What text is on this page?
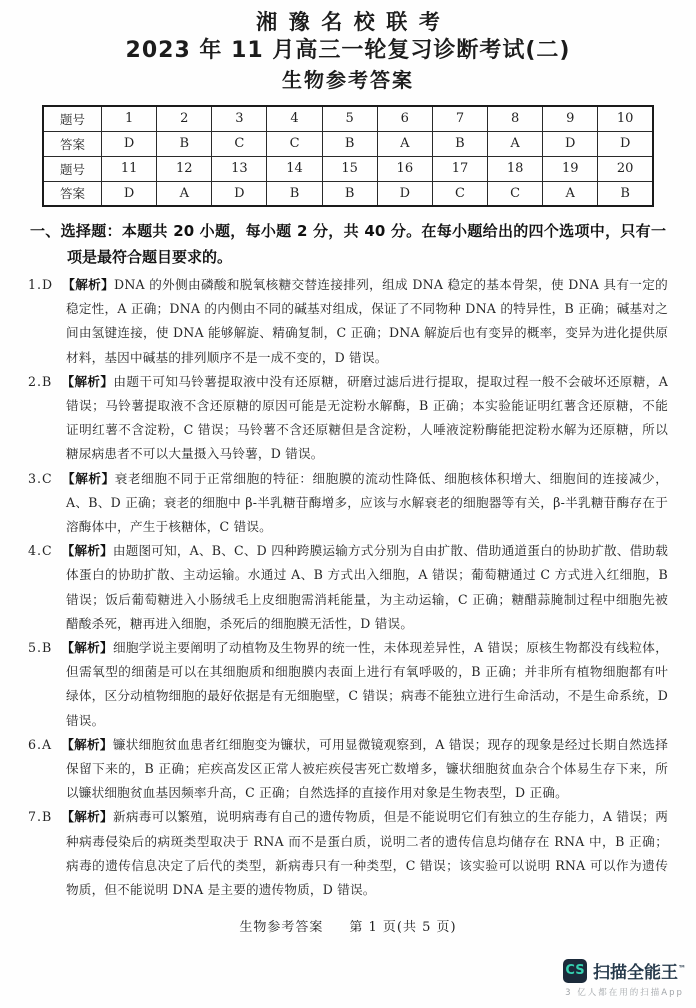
湘豫名校联考
2023 年 11 月高三一轮复习诊断考试(二)
生物参考答案
题号	1	2	3	4	5	6	7	8	9	10
答案	D	B	C	C	B	A	B	A	D	D
题号	11	12	13	14	15	16	17	18	19	20
答案	D	A	D	B	B	D	C	C	A	B

一、选择题：本题共 20 小题，每小题 2 分，共 40 分。在每小题给出的四个选项中，只有一项是最符合题目要求的。

1.D 【解析】DNA 的外侧由磷酸和脱氧核糖交替连接排列，组成 DNA 稳定的基本骨架，使 DNA 具有一定的稳定性，A 正确；DNA 的内侧由不同的碱基对组成，保证了不同物种 DNA 的特异性，B 正确；碱基对之间由氢键连接，使 DNA 能够解旋、精确复制，C 正确；DNA 解旋后也有变异的概率，变异为进化提供原材料，基因中碱基的排列顺序不是一成不变的，D 错误。

2.B 【解析】由题干可知马铃薯提取液中没有还原糖，研磨过滤后进行提取，提取过程一般不会破坏还原糖，A 错误；马铃薯提取液不含还原糖的原因可能是无淀粉水解酶，B 正确；本实验能证明红薯含还原糖，不能证明红薯不含淀粉，C 错误；马铃薯不含还原糖但是含淀粉，人唾液淀粉酶能把淀粉水解为还原糖，所以糖尿病患者不可以大量摄入马铃薯，D 错误。

3.C 【解析】衰老细胞不同于正常细胞的特征：细胞膜的流动性降低、细胞核体积增大、细胞间的连接减少，A、B、D 正确；衰老的细胞中 β-半乳糖苷酶增多，应该与水解衰老的细胞器等有关，β-半乳糖苷酶存在于溶酶体中，产生于核糖体，C 错误。

4.C 【解析】由题图可知，A、B、C、D 四种跨膜运输方式分别为自由扩散、借助通道蛋白的协助扩散、借助载体蛋白的协助扩散、主动运输。水通过 A、B 方式出入细胞，A 错误；葡萄糖通过 C 方式进入红细胞，B 错误；饭后葡萄糖进入小肠绒毛上皮细胞需消耗能量，为主动运输，C 正确；糖醋蒜腌制过程中细胞先被醋酸杀死，糖再进入细胞，杀死后的细胞膜无活性，D 错误。

5.B 【解析】细胞学说主要阐明了动植物及生物界的统一性，未体现差异性，A 错误；原核生物都没有线粒体，但需氧型的细菌是可以在其细胞质和细胞膜内表面上进行有氧呼吸的，B 正确；并非所有植物细胞都有叶绿体，区分动植物细胞的最好依据是有无细胞壁，C 错误；病毒不能独立进行生命活动，不是生命系统，D 错误。

6.A 【解析】镰状细胞贫血患者红细胞变为镰状，可用显微镜观察到，A 错误；现存的现象是经过长期自然选择保留下来的，B 正确；疟疾高发区正常人被疟疾侵害死亡数增多，镰状细胞贫血杂合个体易生存下来，所以镰状细胞贫血基因频率升高，C 正确；自然选择的直接作用对象是生物表型，D 正确。

7.B 【解析】新病毒可以繁殖，说明病毒有自己的遗传物质，但是不能说明它们有独立的生存能力，A 错误；两种病毒侵染后的病斑类型取决于 RNA 而不是蛋白质，说明二者的遗传信息均储存在 RNA 中，B 正确；病毒的遗传信息决定了后代的类型，新病毒只有一种类型，C 错误；该实验可以说明 RNA 可以作为遗传物质，但不能说明 DNA 是主要的遗传物质，D 错误。

生物参考答案 第 1 页(共 5 页)
CS 扫描全能王™
3 亿人都在用的扫描App
